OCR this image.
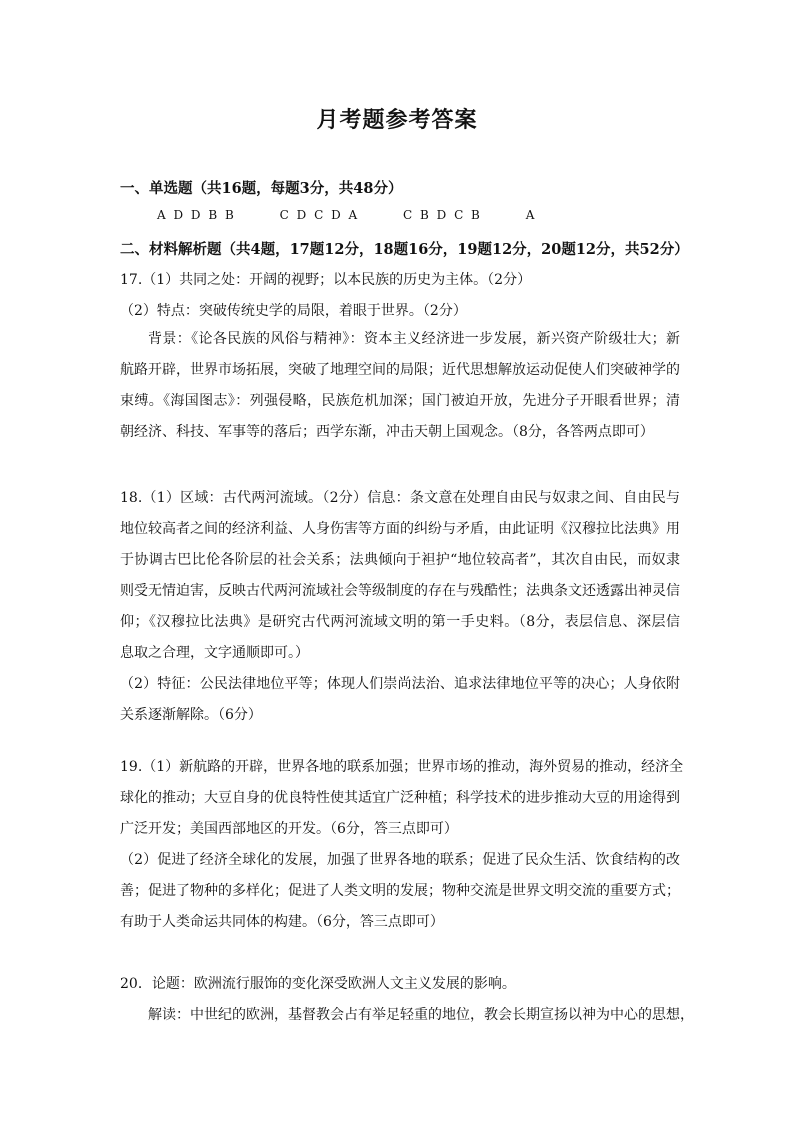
月考题参考答案
一、单选题（共16题，每题3分，共48分）
A D D B B	C D C D A	C B D C B	A
二、材料解析题（共4题，17题12分，18题16分，19题12分，20题12分，共52分）
17.（1）共同之处：开阔的视野；以本民族的历史为主体。（2分）
（2）特点：突破传统史学的局限，着眼于世界。（2分）
背景：《论各民族的风俗与精神》：资本主义经济进一步发展，新兴资产阶级壮大；新
航路开辟，世界市场拓展，突破了地理空间的局限；近代思想解放运动促使人们突破神学的
束缚。《海国图志》：列强侵略，民族危机加深；国门被迫开放，先进分子开眼看世界；清
朝经济、科技、军事等的落后；西学东渐，冲击天朝上国观念。（8分，各答两点即可）
18.（1）区域：古代两河流域。（2分）信息：条文意在处理自由民与奴隶之间、自由民与
地位较高者之间的经济利益、人身伤害等方面的纠纷与矛盾，由此证明《汉穆拉比法典》用
于协调古巴比伦各阶层的社会关系；法典倾向于袒护“地位较高者”，其次自由民，而奴隶
则受无情迫害，反映古代两河流域社会等级制度的存在与残酷性；法典条文还透露出神灵信
仰；《汉穆拉比法典》是研究古代两河流域文明的第一手史料。（8分，表层信息、深层信
息取之合理，文字通顺即可。）
（2）特征：公民法律地位平等；体现人们崇尚法治、追求法律地位平等的决心；人身依附
关系逐渐解除。（6分）
19.（1）新航路的开辟，世界各地的联系加强；世界市场的推动，海外贸易的推动，经济全
球化的推动；大豆自身的优良特性使其适宜广泛种植；科学技术的进步推动大豆的用途得到
广泛开发；美国西部地区的开发。（6分，答三点即可）
（2）促进了经济全球化的发展，加强了世界各地的联系；促进了民众生活、饮食结构的改
善；促进了物种的多样化；促进了人类文明的发展；物种交流是世界文明交流的重要方式；
有助于人类命运共同体的构建。（6分，答三点即可）
20．论题：欧洲流行服饰的变化深受欧洲人文主义发展的影响。
解读：中世纪的欧洲，基督教会占有举足轻重的地位，教会长期宣扬以神为中心的思想，
